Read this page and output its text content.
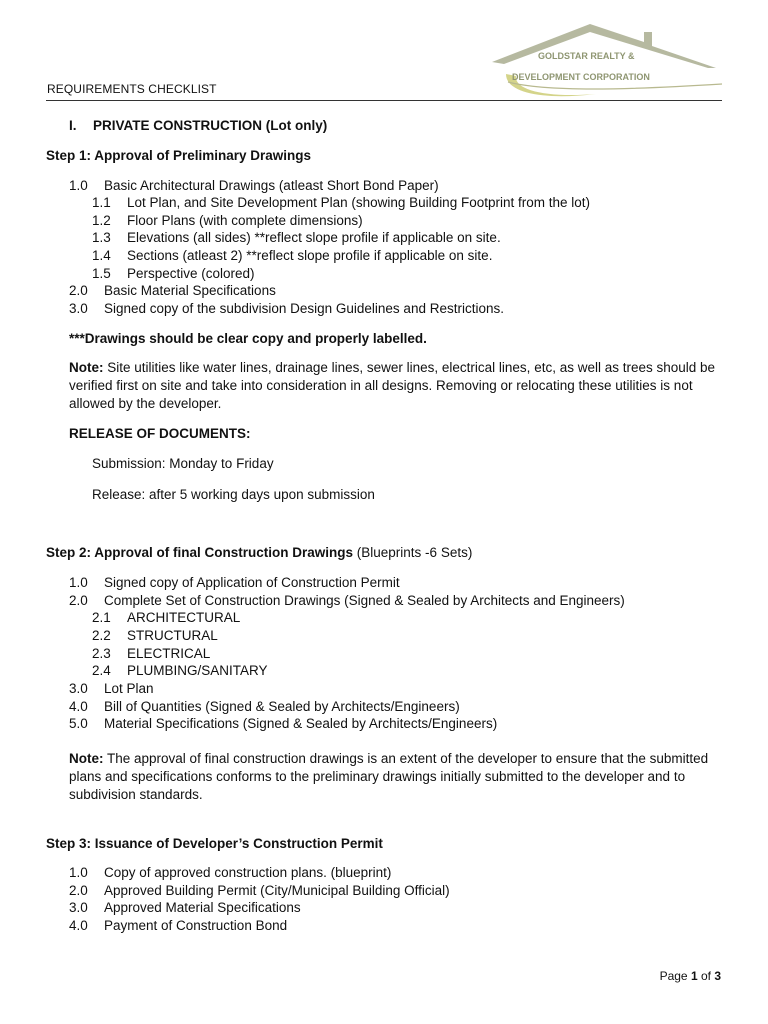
REQUIREMENTS CHECKLIST
GOLDSTAR REALTY &
DEVELOPMENT CORPORATION
I. PRIVATE CONSTRUCTION (Lot only)
Step 1: Approval of Preliminary Drawings
1.0 Basic Architectural Drawings (atleast Short Bond Paper)
1.1 Lot Plan, and Site Development Plan (showing Building Footprint from the lot)
1.2 Floor Plans (with complete dimensions)
1.3 Elevations (all sides) **reflect slope profile if applicable on site.
1.4 Sections (atleast 2) **reflect slope profile if applicable on site.
1.5 Perspective (colored)
2.0 Basic Material Specifications
3.0 Signed copy of the subdivision Design Guidelines and Restrictions.
***Drawings should be clear copy and properly labelled.
Note: Site utilities like water lines, drainage lines, sewer lines, electrical lines, etc, as well as trees should be verified first on site and take into consideration in all designs. Removing or relocating these utilities is not allowed by the developer.
RELEASE OF DOCUMENTS:
Submission: Monday to Friday
Release: after 5 working days upon submission
Step 2: Approval of final Construction Drawings (Blueprints -6 Sets)
1.0 Signed copy of Application of Construction Permit
2.0 Complete Set of Construction Drawings (Signed & Sealed by Architects and Engineers)
2.1 ARCHITECTURAL
2.2 STRUCTURAL
2.3 ELECTRICAL
2.4 PLUMBING/SANITARY
3.0 Lot Plan
4.0 Bill of Quantities (Signed & Sealed by Architects/Engineers)
5.0 Material Specifications (Signed & Sealed by Architects/Engineers)
Note: The approval of final construction drawings is an extent of the developer to ensure that the submitted plans and specifications conforms to the preliminary drawings initially submitted to the developer and to subdivision standards.
Step 3: Issuance of Developer’s Construction Permit
1.0 Copy of approved construction plans. (blueprint)
2.0 Approved Building Permit (City/Municipal Building Official)
3.0 Approved Material Specifications
4.0 Payment of Construction Bond
Page 1 of 3
